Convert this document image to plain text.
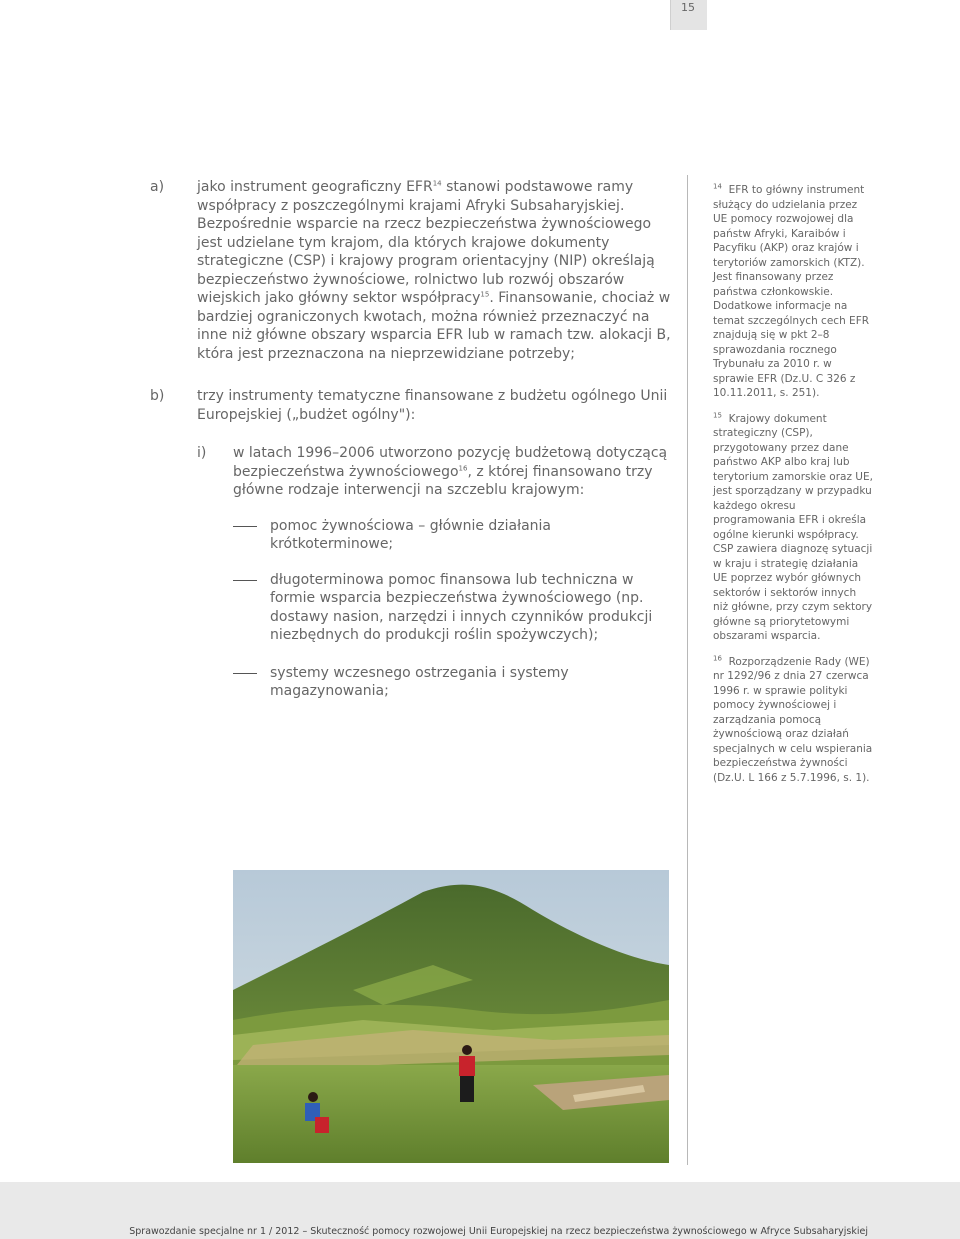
15
a) jako instrument geograficzny EFR$^{14}$ stanowi podstawowe ramy współpracy z poszczególnymi krajami Afryki Subsaharyjskiej. Bezpośrednie wsparcie na rzecz bezpieczeństwa żywnościowego jest udzielane tym krajom, dla których krajowe dokumenty strategiczne (CSP) i krajowy program orientacyjny (NIP) określają bezpieczeństwo żywnościowe, rolnictwo lub rozwój obszarów wiejskich jako główny sektor współpracy$^{15}$. Finansowanie, chociaż w bardziej ograniczonych kwotach, można również przeznaczyć na inne niż główne obszary wsparcia EFR lub w ramach tzw. alokacji B, która jest przeznaczona na nieprzewidziane potrzeby;
b) trzy instrumenty tematyczne finansowane z budżetu ogólnego Unii Europejskiej („budżet ogólny"):
i) w latach 1996–2006 utworzono pozycję budżetową dotyczącą bezpieczeństwa żywnościowego$^{16}$, z której finansowano trzy główne rodzaje interwencji na szczeblu krajowym:
pomoc żywnościowa – głównie działania krótkoterminowe;
długoterminowa pomoc finansowa lub techniczna w formie wsparcia bezpieczeństwa żywnościowego (np. dostawy nasion, narzędzi i innych czynników produkcji niezbędnych do produkcji roślin spożywczych);
systemy wczesnego ostrzegania i systemy magazynowania;
$^{14}$ EFR to główny instrument służący do udzielania przez UE pomocy rozwojowej dla państw Afryki, Karaibów i Pacyfiku (AKP) oraz krajów i terytoriów zamorskich (KTZ). Jest finansowany przez państwa członkowskie. Dodatkowe informacje na temat szczególnych cech EFR znajdują się w pkt 2–8 sprawozdania rocznego Trybunału za 2010 r. w sprawie EFR (Dz.U. C 326 z 10.11.2011, s. 251).
$^{15}$ Krajowy dokument strategiczny (CSP), przygotowany przez dane państwo AKP albo kraj lub terytorium zamorskie oraz UE, jest sporządzany w przypadku każdego okresu programowania EFR i określa ogólne kierunki współpracy. CSP zawiera diagnozę sytuacji w kraju i strategię działania UE poprzez wybór głównych sektorów i sektorów innych niż główne, przy czym sektory główne są priorytetowymi obszarami wsparcia.
$^{16}$ Rozporządzenie Rady (WE) nr 1292/96 z dnia 27 czerwca 1996 r. w sprawie polityki pomocy żywnościowej i zarządzania pomocą żywnościową oraz działań specjalnych w celu wspierania bezpieczeństwa żywności (Dz.U. L 166 z 5.7.1996, s. 1).
Sprawozdanie specjalne nr 1 / 2012 – Skuteczność pomocy rozwojowej Unii Europejskiej na rzecz bezpieczeństwa żywnościowego w Afryce Subsaharyjskiej
